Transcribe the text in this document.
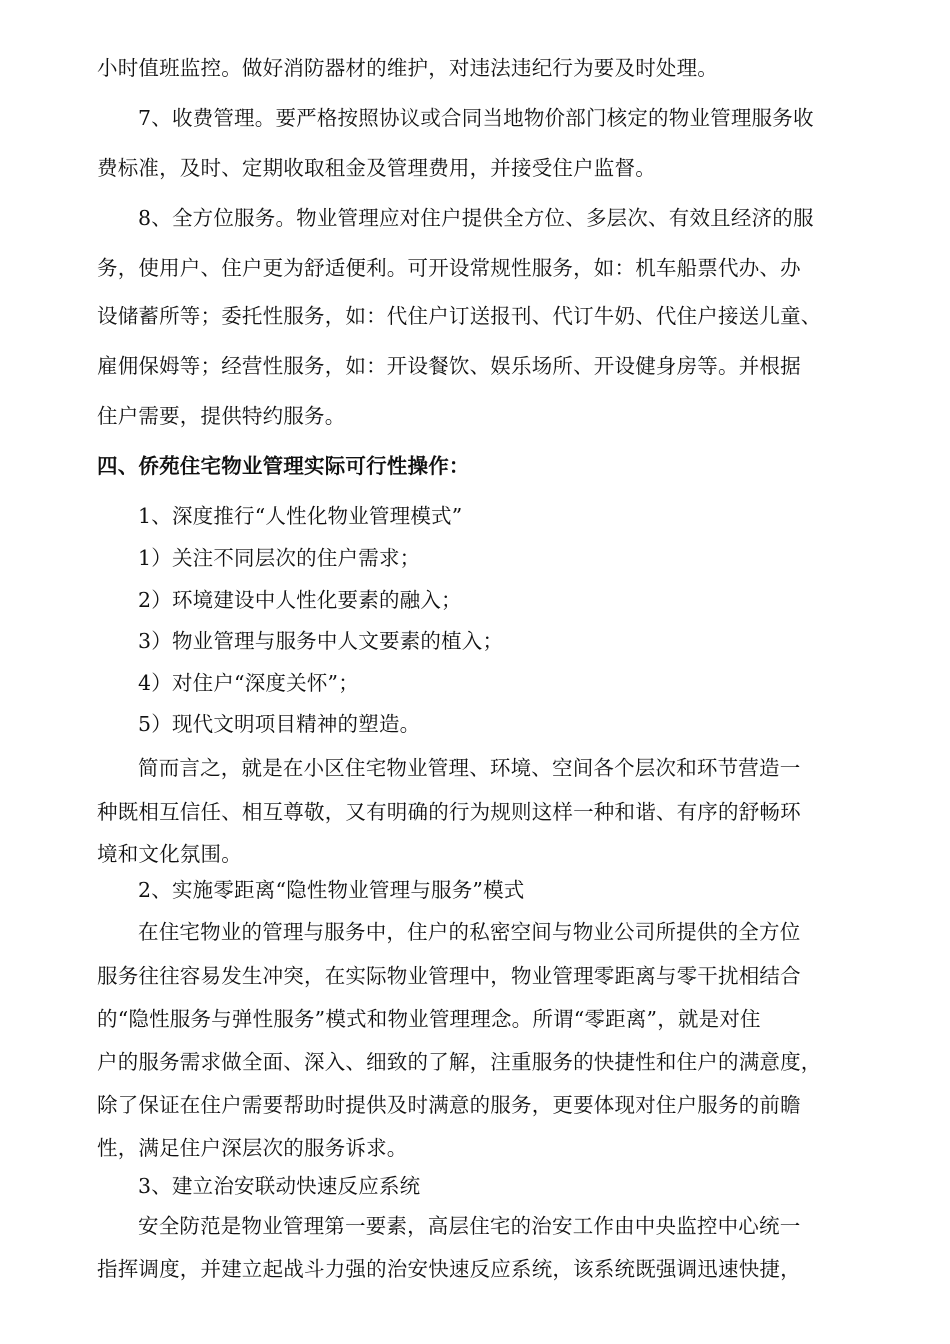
小时值班监控。做好消防器材的维护，对违法违纪行为要及时处理。
7、收费管理。要严格按照协议或合同当地物价部门核定的物业管理服务收
费标准，及时、定期收取租金及管理费用，并接受住户监督。
8、全方位服务。物业管理应对住户提供全方位、多层次、有效且经济的服
务，使用户、住户更为舒适便利。可开设常规性服务，如：机车船票代办、办
设储蓄所等；委托性服务，如：代住户订送报刊、代订牛奶、代住户接送儿童、
雇佣保姆等；经营性服务，如：开设餐饮、娱乐场所、开设健身房等。并根据
住户需要，提供特约服务。
四、侨苑住宅物业管理实际可行性操作：
1、深度推行“人性化物业管理模式”
1）关注不同层次的住户需求；
2）环境建设中人性化要素的融入；
3）物业管理与服务中人文要素的植入；
4）对住户“深度关怀”；
5）现代文明项目精神的塑造。
简而言之，就是在小区住宅物业管理、环境、空间各个层次和环节营造一
种既相互信任、相互尊敬，又有明确的行为规则这样一种和谐、有序的舒畅环
境和文化氛围。
2、实施零距离“隐性物业管理与服务”模式
在住宅物业的管理与服务中，住户的私密空间与物业公司所提供的全方位
服务往往容易发生冲突，在实际物业管理中，物业管理零距离与零干扰相结合
的“隐性服务与弹性服务”模式和物业管理理念。所谓“零距离”，就是对住
户的服务需求做全面、深入、细致的了解，注重服务的快捷性和住户的满意度，
除了保证在住户需要帮助时提供及时满意的服务，更要体现对住户服务的前瞻
性，满足住户深层次的服务诉求。
3、建立治安联动快速反应系统
安全防范是物业管理第一要素，高层住宅的治安工作由中央监控中心统一
指挥调度，并建立起战斗力强的治安快速反应系统，该系统既强调迅速快捷，
